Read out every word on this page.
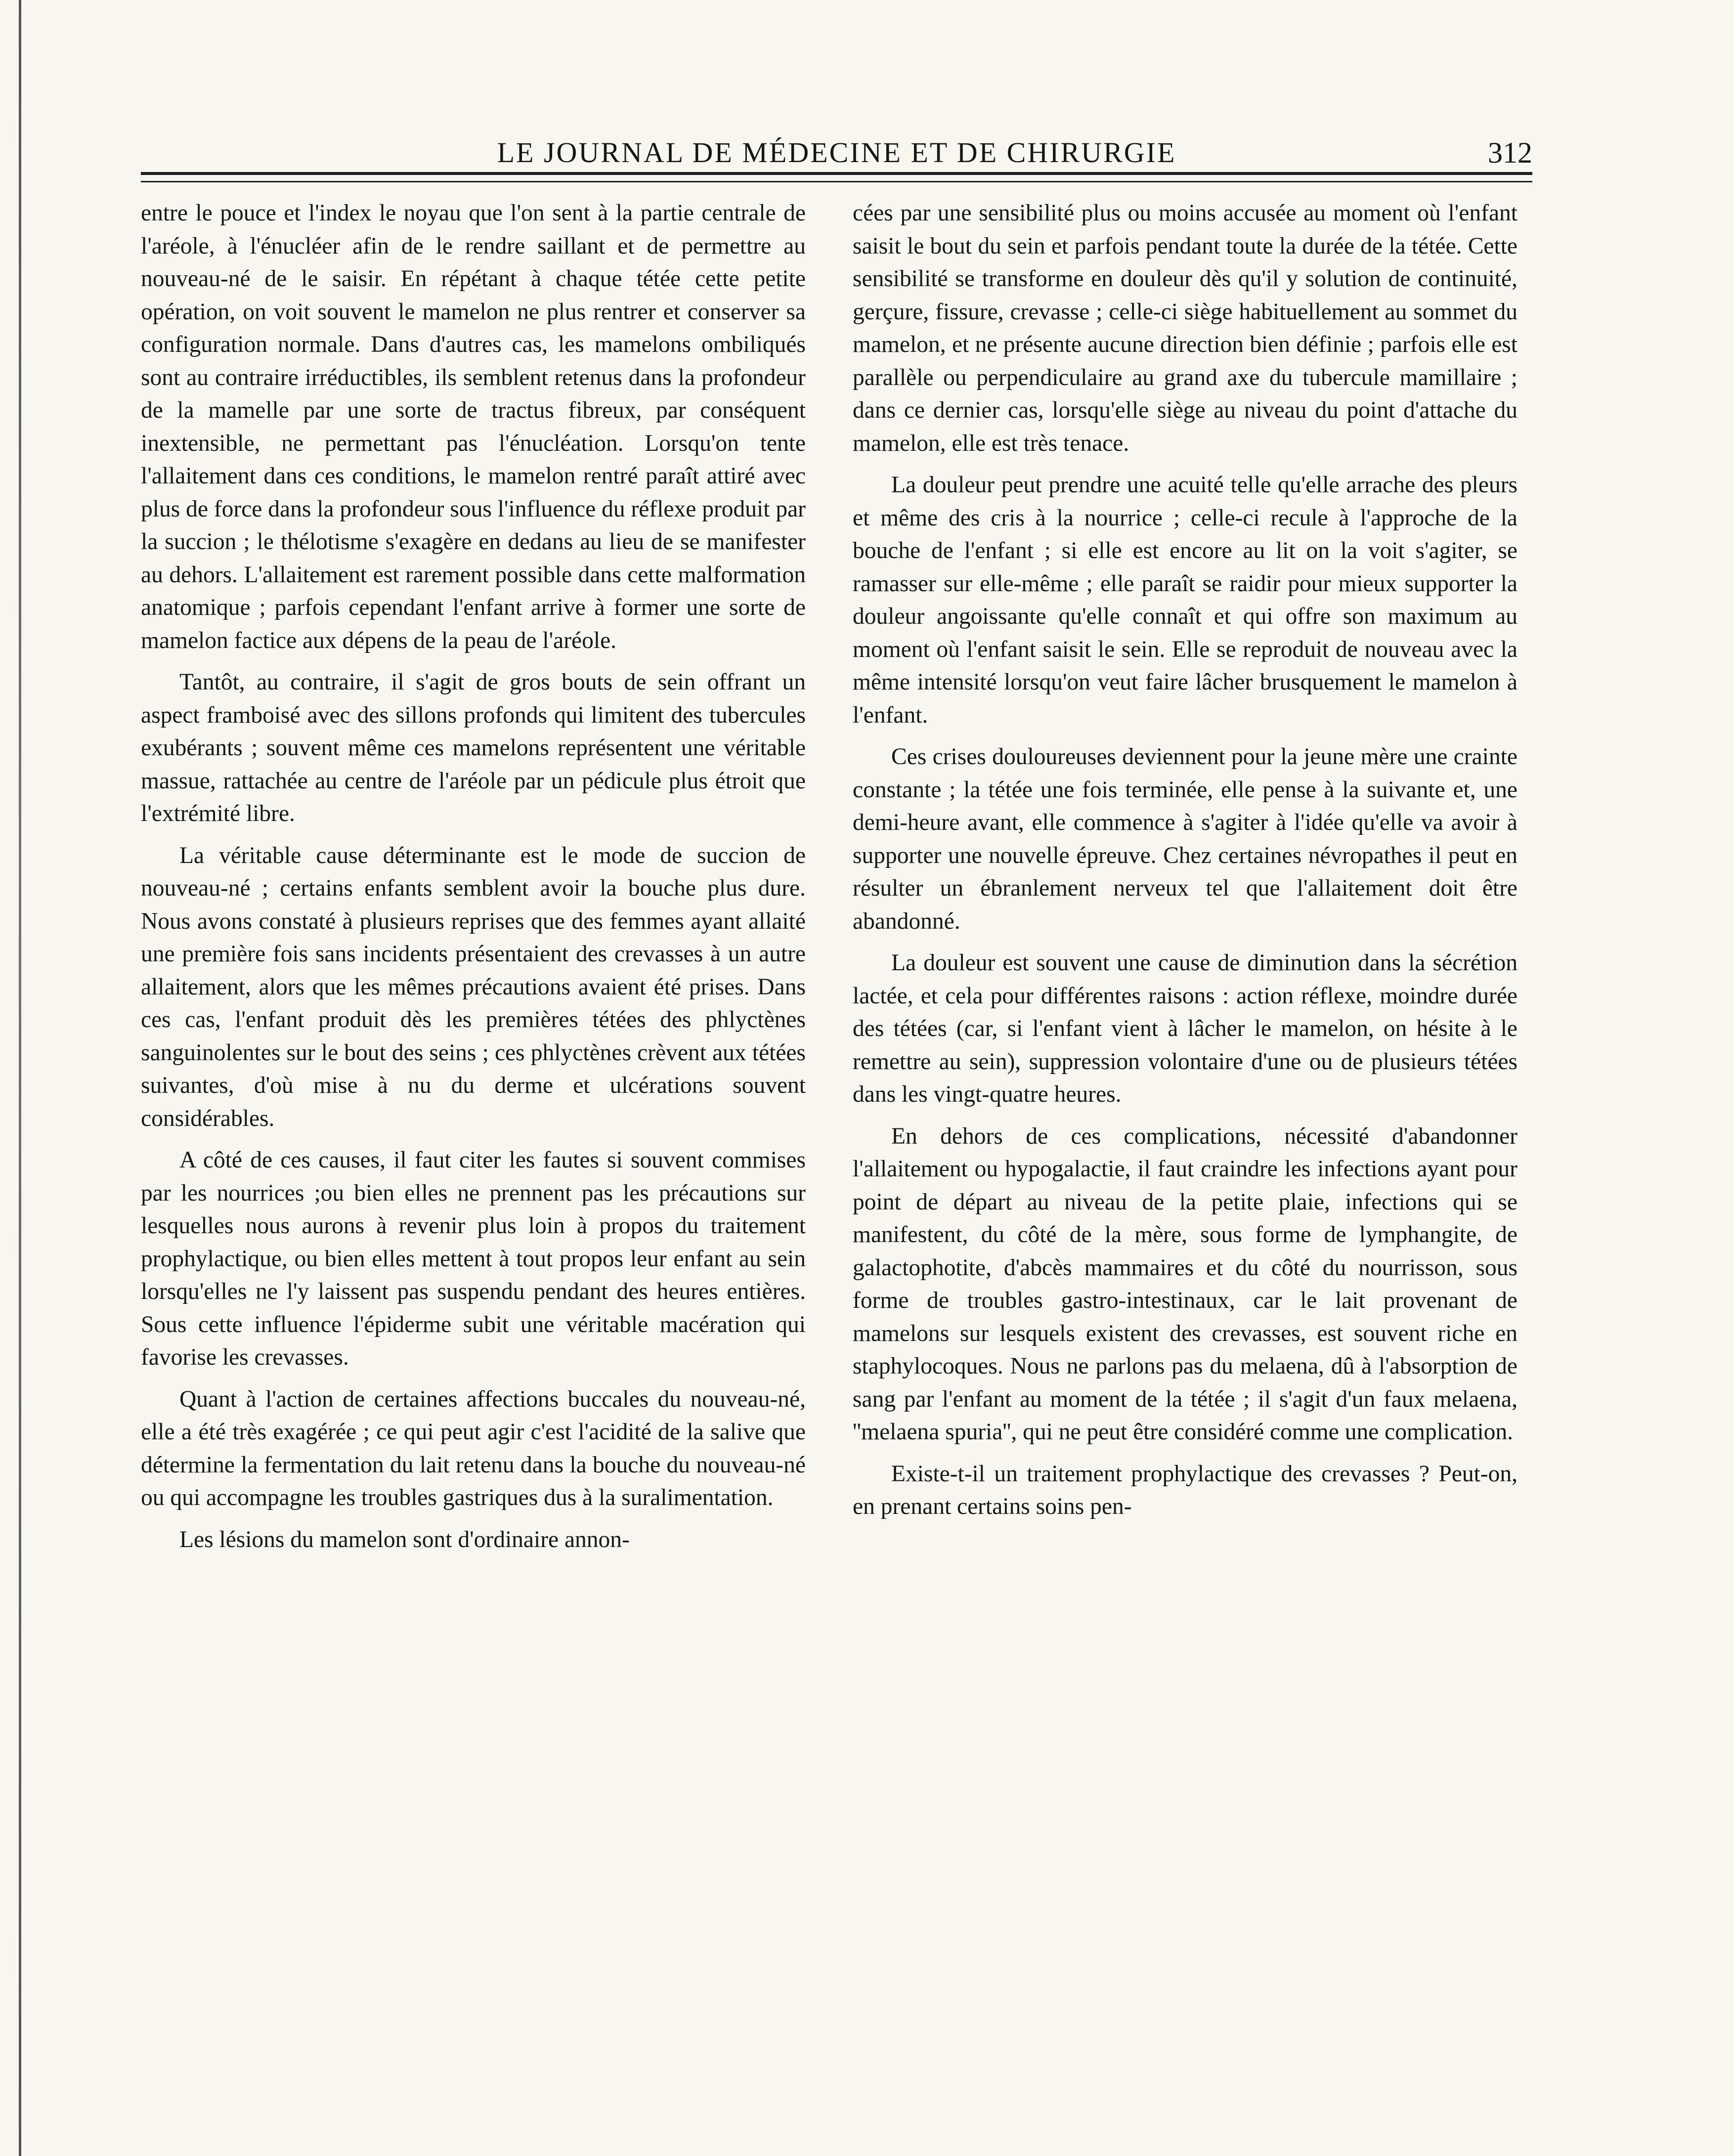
LE JOURNAL DE MÉDECINE ET DE CHIRURGIE	312

entre le pouce et l'index le noyau que l'on sent à la partie centrale de l'aréole, à l'énucléer afin de le rendre saillant et de permettre au nouveau-né de le saisir. En répétant à chaque tétée cette petite opération, on voit souvent le mamelon ne plus rentrer et conserver sa configuration normale. Dans d'autres cas, les mamelons ombiliqués sont au contraire irréductibles, ils semblent retenus dans la profondeur de la mamelle par une sorte de tractus fibreux, par conséquent inextensible, ne permettant pas l'énucléation. Lorsqu'on tente l'allaitement dans ces conditions, le mamelon rentré paraît attiré avec plus de force dans la profondeur sous l'influence du réflexe produit par la succion ; le thélotisme s'exagère en dedans au lieu de se manifester au dehors. L'allaitement est rarement possible dans cette malformation anatomique ; parfois cependant l'enfant arrive à former une sorte de mamelon factice aux dépens de la peau de l'aréole.

Tantôt, au contraire, il s'agit de gros bouts de sein offrant un aspect framboisé avec des sillons profonds qui limitent des tubercules exubérants ; souvent même ces mamelons représentent une véritable massue, rattachée au centre de l'aréole par un pédicule plus étroit que l'extrémité libre.

La véritable cause déterminante est le mode de succion de nouveau-né ; certains enfants semblent avoir la bouche plus dure. Nous avons constaté à plusieurs reprises que des femmes ayant allaité une première fois sans incidents présentaient des crevasses à un autre allaitement, alors que les mêmes précautions avaient été prises. Dans ces cas, l'enfant produit dès les premières tétées des phlyctènes sanguinolentes sur le bout des seins ; ces phlyctènes crèvent aux tétées suivantes, d'où mise à nu du derme et ulcérations souvent considérables.

A côté de ces causes, il faut citer les fautes si souvent commises par les nourrices ;ou bien elles ne prennent pas les précautions sur lesquelles nous aurons à revenir plus loin à propos du traitement prophylactique, ou bien elles mettent à tout propos leur enfant au sein lorsqu'elles ne l'y laissent pas suspendu pendant des heures entières. Sous cette influence l'épiderme subit une véritable macération qui favorise les crevasses.

Quant à l'action de certaines affections buccales du nouveau-né, elle a été très exagérée ; ce qui peut agir c'est l'acidité de la salive que détermine la fermentation du lait retenu dans la bouche du nouveau-né ou qui accompagne les troubles gastriques dus à la suralimentation.

Les lésions du mamelon sont d'ordinaire annon-

cées par une sensibilité plus ou moins accusée au moment où l'enfant saisit le bout du sein et parfois pendant toute la durée de la tétée. Cette sensibilité se transforme en douleur dès qu'il y solution de continuité, gerçure, fissure, crevasse ; celle-ci siège habituellement au sommet du mamelon, et ne présente aucune direction bien définie ; parfois elle est parallèle ou perpendiculaire au grand axe du tubercule mamillaire ; dans ce dernier cas, lorsqu'elle siège au niveau du point d'attache du mamelon, elle est très tenace.

La douleur peut prendre une acuité telle qu'elle arrache des pleurs et même des cris à la nourrice ; celle-ci recule à l'approche de la bouche de l'enfant ; si elle est encore au lit on la voit s'agiter, se ramasser sur elle-même ; elle paraît se raidir pour mieux supporter la douleur angoissante qu'elle connaît et qui offre son maximum au moment où l'enfant saisit le sein. Elle se reproduit de nouveau avec la même intensité lorsqu'on veut faire lâcher brusquement le mamelon à l'enfant.

Ces crises douloureuses deviennent pour la jeune mère une crainte constante ; la tétée une fois terminée, elle pense à la suivante et, une demi-heure avant, elle commence à s'agiter à l'idée qu'elle va avoir à supporter une nouvelle épreuve. Chez certaines névropathes il peut en résulter un ébranlement nerveux tel que l'allaitement doit être abandonné.

La douleur est souvent une cause de diminution dans la sécrétion lactée, et cela pour différentes raisons : action réflexe, moindre durée des tétées (car, si l'enfant vient à lâcher le mamelon, on hésite à le remettre au sein), suppression volontaire d'une ou de plusieurs tétées dans les vingt-quatre heures.

En dehors de ces complications, nécessité d'abandonner l'allaitement ou hypogalactie, il faut craindre les infections ayant pour point de départ au niveau de la petite plaie, infections qui se manifestent, du côté de la mère, sous forme de lymphangite, de galactophotite, d'abcès mammaires et du côté du nourrisson, sous forme de troubles gastro-intestinaux, car le lait provenant de mamelons sur lesquels existent des crevasses, est souvent riche en staphylocoques. Nous ne parlons pas du melaena, dû à l'absorption de sang par l'enfant au moment de la tétée ; il s'agit d'un faux melaena, ''melaena spuria'', qui ne peut être considéré comme une complication.

Existe-t-il un traitement prophylactique des crevasses ? Peut-on, en prenant certains soins pen-
